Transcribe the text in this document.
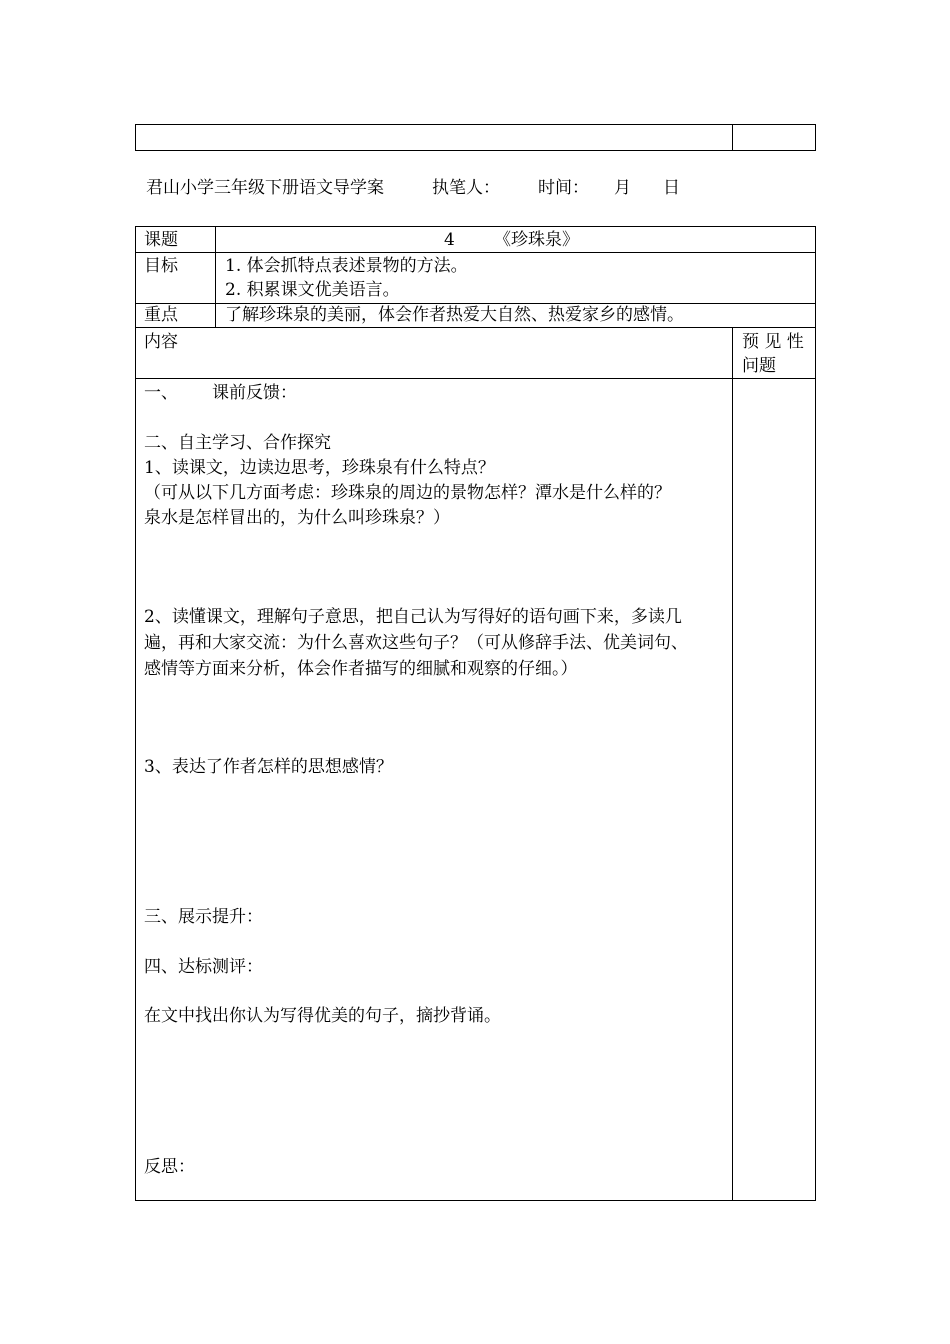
君山小学三年级下册语文导学案	执笔人： 时间： 月 日
课题	4 《珍珠泉》
目标	1. 体会抓特点表述景物的方法。
2. 积累课文优美语言。
重点	了解珍珠泉的美丽，体会作者热爱大自然、热爱家乡的感情。
内容	预 见 性
问题
一、 课前反馈：
二、自主学习、合作探究
1、读课文，边读边思考，珍珠泉有什么特点？
（可从以下几方面考虑：珍珠泉的周边的景物怎样？潭水是什么样的？
泉水是怎样冒出的，为什么叫珍珠泉？）
2、读懂课文，理解句子意思，把自己认为写得好的语句画下来，多读几
遍，再和大家交流：为什么喜欢这些句子？（可从修辞手法、优美词句、
感情等方面来分析，体会作者描写的细腻和观察的仔细。）
3、表达了作者怎样的思想感情？
三、展示提升：
四、达标测评：
在文中找出你认为写得优美的句子，摘抄背诵。
反思：
